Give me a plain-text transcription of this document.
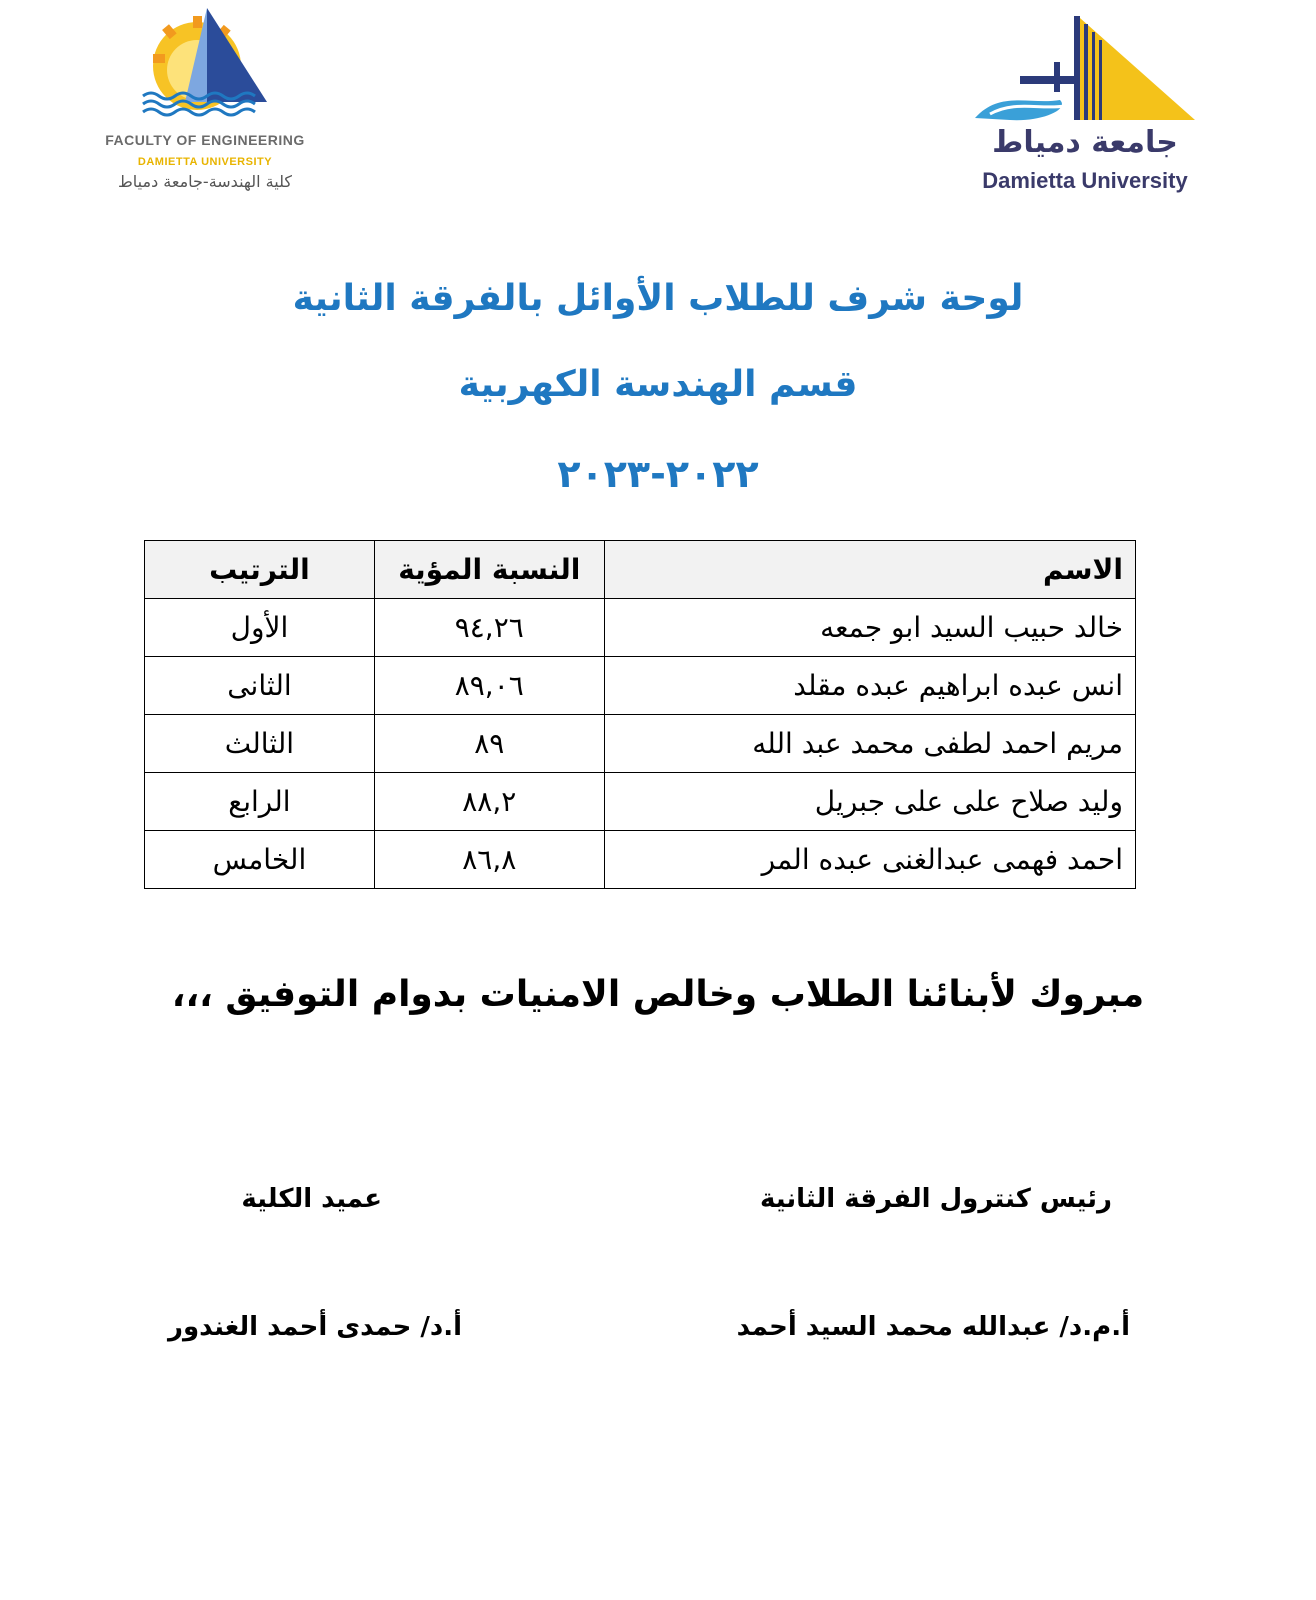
FACULTY OF ENGINEERING
DAMIETTA UNIVERSITY
كلية الهندسة-جامعة دمياط
جامعة دمياط
Damietta University
لوحة شرف للطلاب الأوائل بالفرقة الثانية
قسم الهندسة الكهربية
٢٠٢٢-٢٠٢٣
الاسم	النسبة المؤية	الترتيب
خالد حبيب السيد ابو جمعه	٩٤,٢٦	الأول
انس عبده ابراهيم عبده مقلد	٨٩,٠٦	الثانى
مريم احمد لطفى محمد عبد الله	٨٩	الثالث
وليد صلاح على على جبريل	٨٨,٢	الرابع
احمد فهمى عبدالغنى عبده المر	٨٦,٨	الخامس
مبروك لأبنائنا الطلاب وخالص الامنيات بدوام التوفيق ،،،
رئيس كنترول الفرقة الثانية
عميد الكلية
أ.م.د/ عبدالله محمد السيد أحمد
أ.د/ حمدى أحمد الغندور
